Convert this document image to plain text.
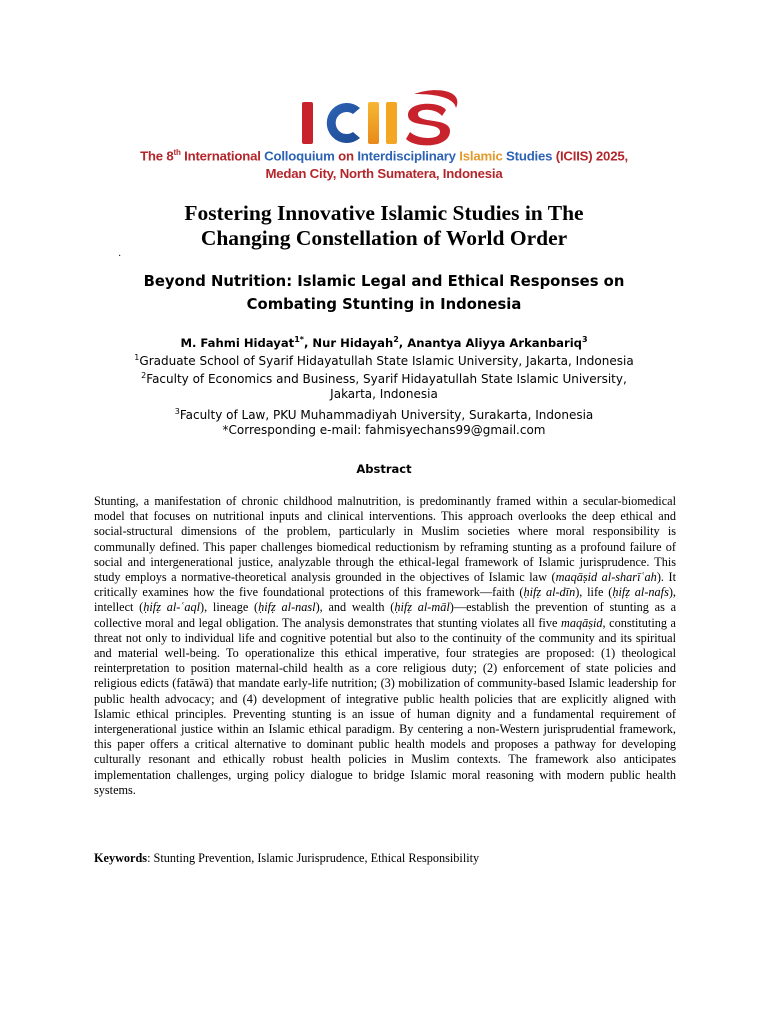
The 8th International Colloquium on Interdisciplinary Islamic Studies (ICIIS) 2025,
Medan City, North Sumatera, Indonesia
Fostering Innovative Islamic Studies in The
Changing Constellation of World Order
·
Beyond Nutrition: Islamic Legal and Ethical Responses on
Combating Stunting in Indonesia
M. Fahmi Hidayat$^{1*}$, Nur Hidayah$^2$, Anantya Aliyya Arkanbariq$^3$
$^1$Graduate School of Syarif Hidayatullah State Islamic University, Jakarta, Indonesia
$^2$Faculty of Economics and Business, Syarif Hidayatullah State Islamic University,
Jakarta, Indonesia
$^3$Faculty of Law, PKU Muhammadiyah University, Surakarta, Indonesia
*Corresponding e-mail: fahmisyechans99@gmail.com
Abstract
Stunting, a manifestation of chronic childhood malnutrition, is predominantly framed within a secular-biomedical model that focuses on nutritional inputs and clinical interventions. This approach overlooks the deep ethical and social-structural dimensions of the problem, particularly in Muslim societies where moral responsibility is communally defined. This paper challenges biomedical reductionism by reframing stunting as a profound failure of social and intergenerational justice, analyzable through the ethical-legal framework of Islamic jurisprudence. This study employs a normative-theoretical analysis grounded in the objectives of Islamic law (maqāṣid al-sharīʿah). It critically examines how the five foundational protections of this framework—faith (ḥifẓ al-dīn), life (ḥifẓ al-nafs), intellect (ḥifẓ al-ʿaql), lineage (ḥifẓ al-nasl), and wealth (ḥifẓ al-māl)—establish the prevention of stunting as a collective moral and legal obligation. The analysis demonstrates that stunting violates all five maqāṣid, constituting a threat not only to individual life and cognitive potential but also to the continuity of the community and its spiritual and material well-being. To operationalize this ethical imperative, four strategies are proposed: (1) theological reinterpretation to position maternal-child health as a core religious duty; (2) enforcement of state policies and religious edicts (fatāwā) that mandate early-life nutrition; (3) mobilization of community-based Islamic leadership for public health advocacy; and (4) development of integrative public health policies that are explicitly aligned with Islamic ethical principles. Preventing stunting is an issue of human dignity and a fundamental requirement of intergenerational justice within an Islamic ethical paradigm. By centering a non-Western jurisprudential framework, this paper offers a critical alternative to dominant public health models and proposes a pathway for developing culturally resonant and ethically robust health policies in Muslim contexts. The framework also anticipates implementation challenges, urging policy dialogue to bridge Islamic moral reasoning with modern public health systems.
Keywords: Stunting Prevention, Islamic Jurisprudence, Ethical Responsibility
